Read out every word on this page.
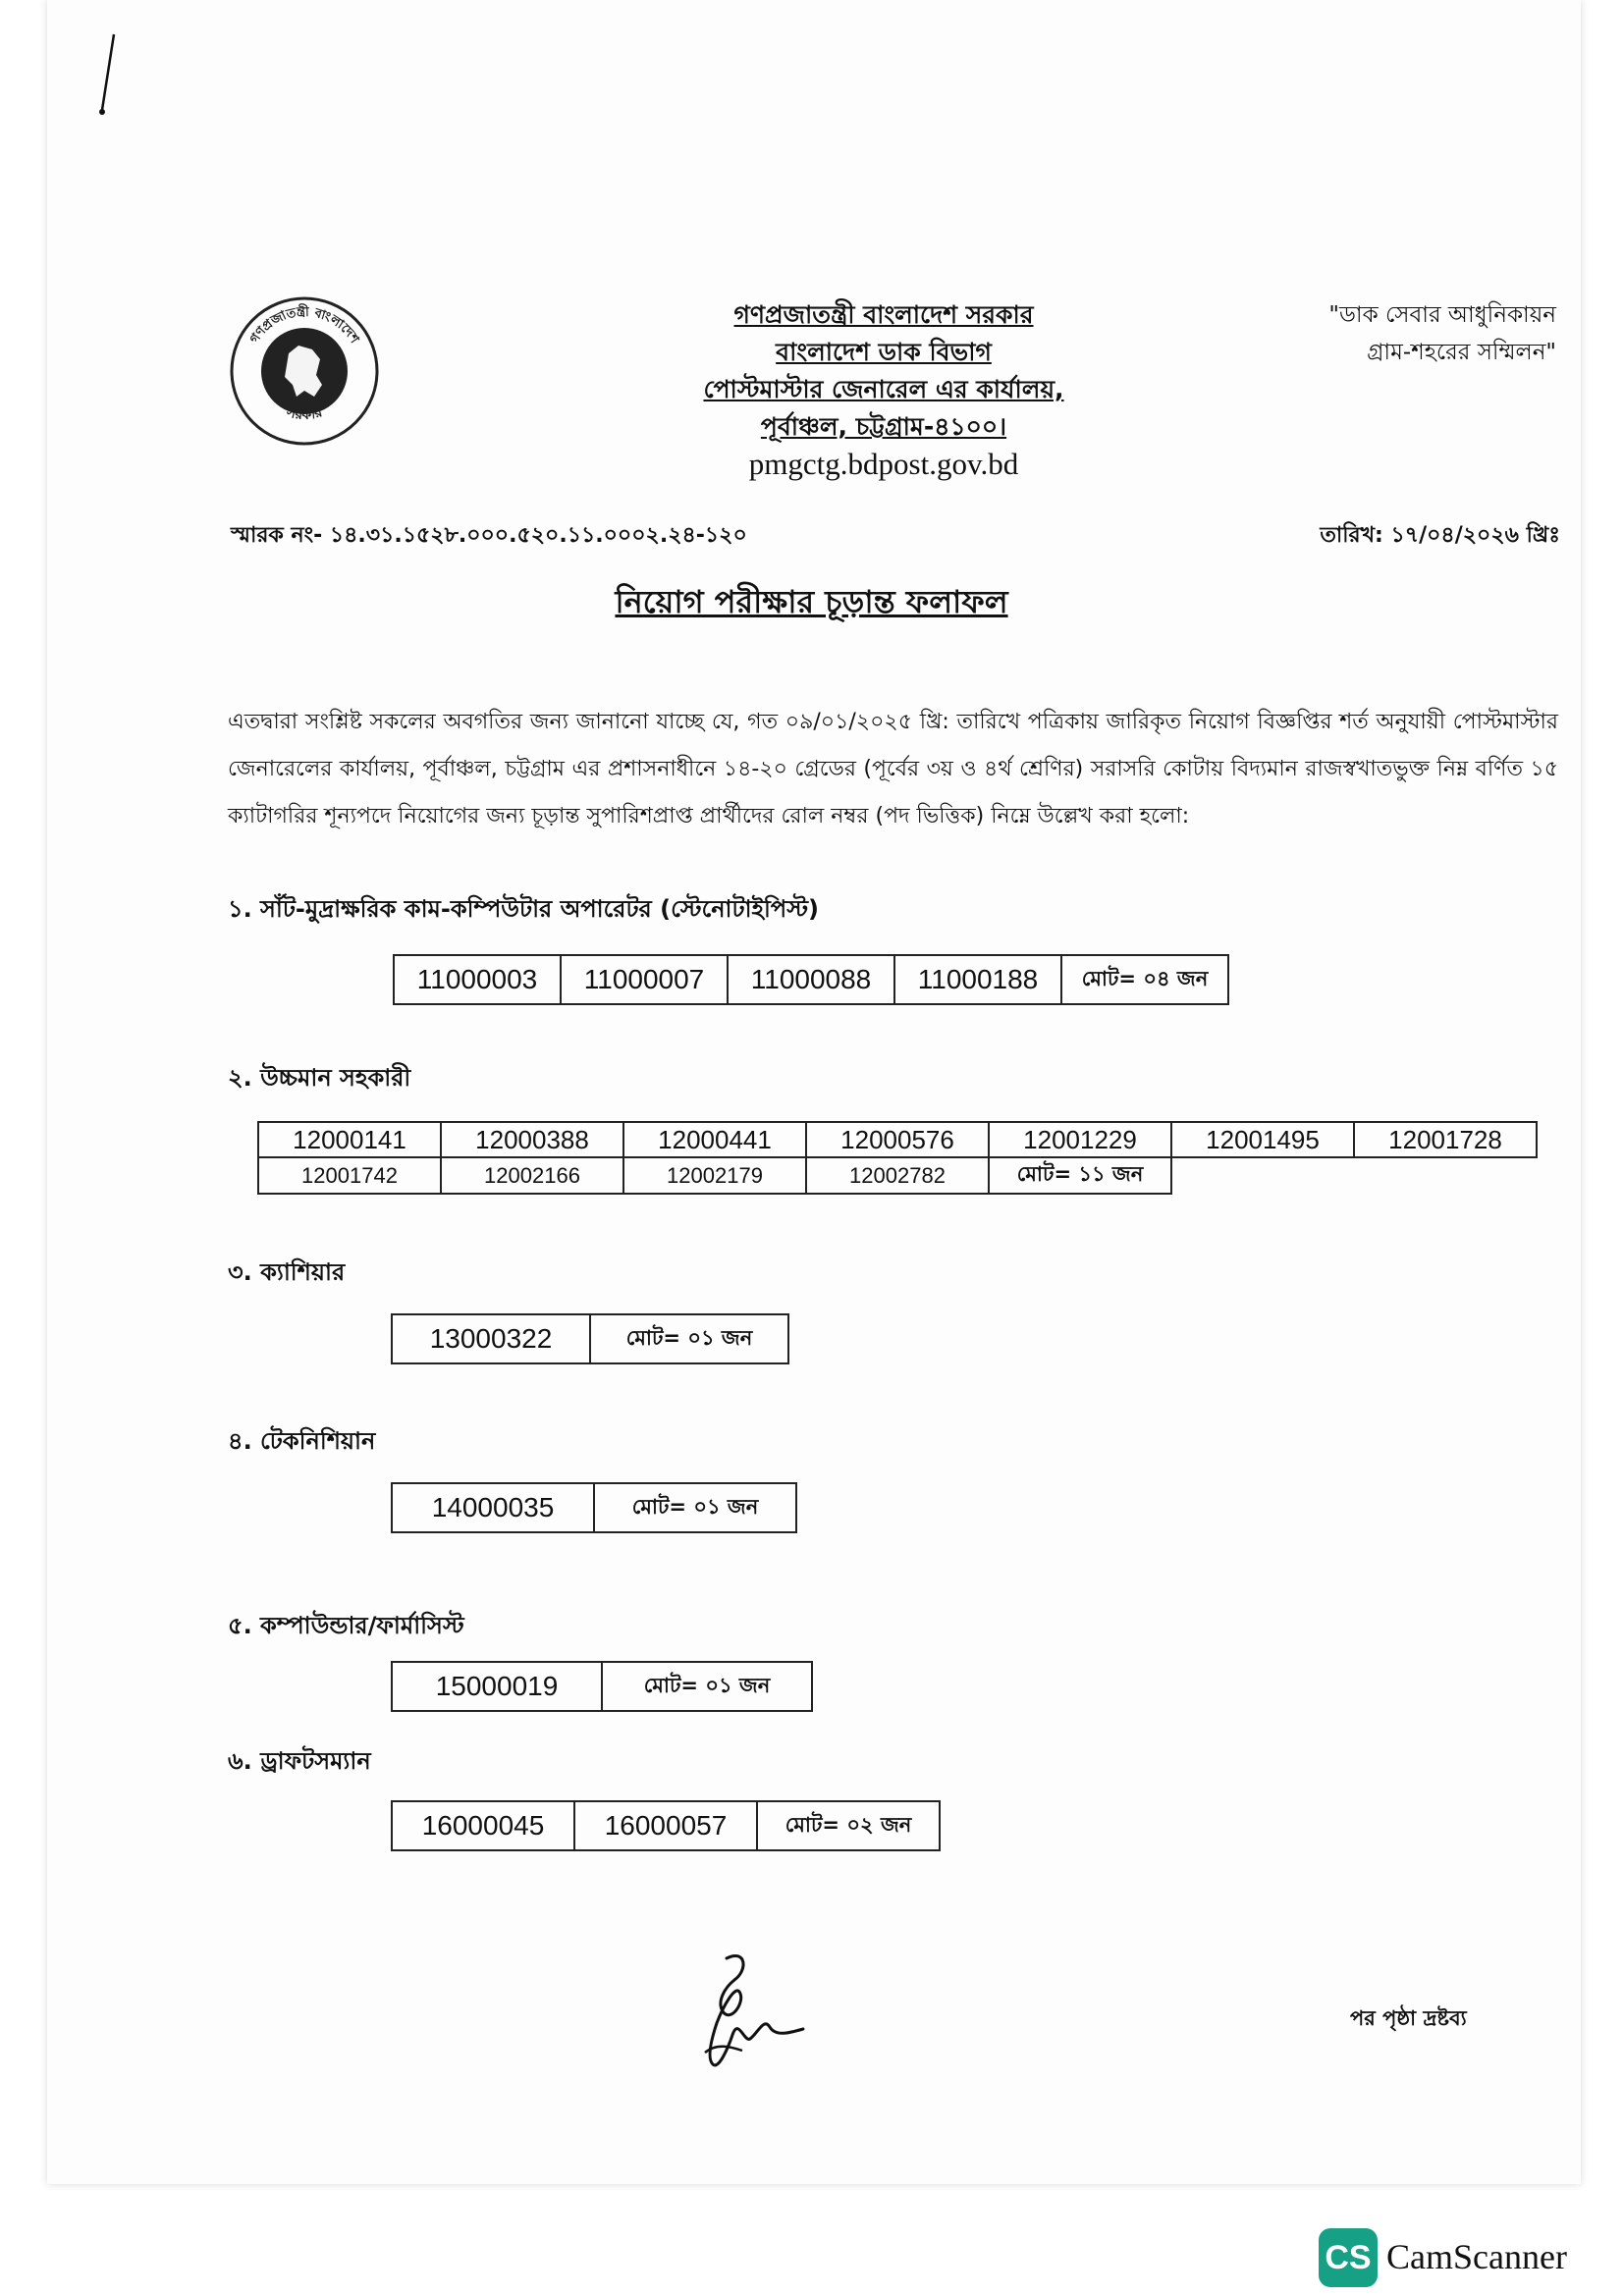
গণপ্রজাতন্ত্রী বাংলাদেশ
সরকার
গণপ্রজাতন্ত্রী বাংলাদেশ সরকার
বাংলাদেশ ডাক বিভাগ
পোস্টমাস্টার জেনারেল এর কার্যালয়,
পূর্বাঞ্চল, চট্টগ্রাম-৪১০০।
pmgctg.bdpost.gov.bd
"ডাক সেবার আধুনিকায়ন
গ্রাম-শহরের সম্মিলন"
স্মারক নং- ১৪.৩১.১৫২৮.০০০.৫২০.১১.০০০২.২৪-১২০	তারিখ: ১৭/০৪/২০২৬ খ্রিঃ
নিয়োগ পরীক্ষার চূড়ান্ত ফলাফল
এতদ্বারা সংশ্লিষ্ট সকলের অবগতির জন্য জানানো যাচ্ছে যে, গত ০৯/০১/২০২৫ খ্রি: তারিখে পত্রিকায় জারিকৃত নিয়োগ বিজ্ঞপ্তির শর্ত অনুযায়ী পোস্টমাস্টার জেনারেলের কার্যালয়, পূর্বাঞ্চল, চট্টগ্রাম এর প্রশাসনাধীনে ১৪-২০ গ্রেডের (পূর্বের ৩য় ও ৪র্থ শ্রেণির) সরাসরি কোটায় বিদ্যমান রাজস্বখাতভুক্ত নিম্ন বর্ণিত ১৫ ক্যাটাগরির শূন্যপদে নিয়োগের জন্য চূড়ান্ত সুপারিশপ্রাপ্ত প্রার্থীদের রোল নম্বর (পদ ভিত্তিক) নিম্নে উল্লেখ করা হলো:
১. সাঁট-মুদ্রাক্ষরিক কাম-কম্পিউটার অপারেটর (স্টেনোটাইপিস্ট)
11000003	11000007	11000088	11000188	মোট= ০৪ জন
২. উচ্চমান সহকারী
12000141	12000388	12000441	12000576	12001229	12001495	12001728
12001742	12002166	12002179	12002782	মোট= ১১ জন		
৩. ক্যাশিয়ার
13000322	মোট= ০১ জন
৪. টেকনিশিয়ান
14000035	মোট= ০১ জন
৫. কম্পাউন্ডার/ফার্মাসিস্ট
15000019	মোট= ০১ জন
৬. ড্রাফটসম্যান
16000045	16000057	মোট= ০২ জন
পর পৃষ্ঠা দ্রষ্টব্য
CS CamScanner
